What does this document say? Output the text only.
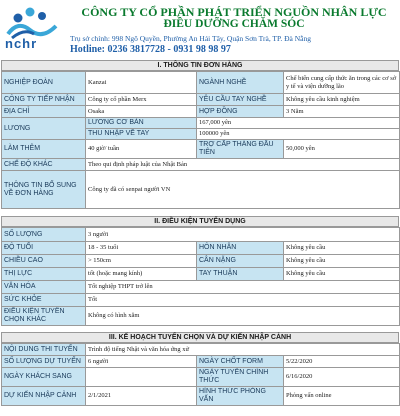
nchr
CÔNG TY CỔ PHẦN PHÁT TRIỂN NGUỒN NHÂN LỰC
ĐIỀU DƯỠNG CHĂM SÓC
Trụ sở chính: 998 Ngô Quyền, Phường An Hải Tây, Quận Sơn Trà, TP. Đà Nẵng
Hotline: 0236 3817728 - 0931 98 98 97
I. THÔNG TIN ĐƠN HÀNG
NGHIỆP ĐOÀN	Kanzai	NGÀNH NGHỀ	Chế biến cung cấp thức ăn trong các cơ sở y tế và viện dưỡng lão
CÔNG TY TIẾP NHẬN	Công ty cổ phần Merx	YÊU CẦU TAY NGHỀ	Không yêu cầu kinh nghiệm
ĐỊA CHỈ	Osaka	HỢP ĐỒNG	3 Năm
LƯƠNG	LƯƠNG CƠ BẢN	167,000 yên	
	THU NHẬP VỀ TAY	100000 yên	
LÀM THÊM	40 giờ/ tuần	TRỢ CẤP THÁNG ĐẦU TIÊN	50,000 yên
CHẾ ĐỘ KHÁC	Theo qui định pháp luật của Nhật Bản		
THÔNG TIN BỔ SUNG VỀ ĐƠN HÀNG	Công ty đã có senpai người VN		
II. ĐIỀU KIỆN TUYỂN DỤNG
SỐ LƯỢNG	3 người		
ĐỘ TUỔI	18 - 35 tuổi	HÔN NHÂN	Không yêu cầu
CHIỀU CAO	> 150cm	CÂN NẶNG	Không yêu cầu
THỊ LỰC	tốt (hoặc mang kính)	TAY THUẬN	Không yêu cầu
VĂN HÓA	Tốt nghiệp THPT trở lên		
SỨC KHỎE	Tốt		
ĐIỀU KIỆN TUYỂN CHỌN KHÁC	Không có hình xăm		
III. KẾ HOẠCH TUYỂN CHỌN VÀ DỰ KIẾN NHẬP CẢNH
NỘI DUNG THI TUYỂN	Trình độ tiếng Nhật và văn hóa ứng xử		
SỐ LƯỢNG DỰ TUYỂN	6 người	NGÀY CHỐT FORM	5/22/2020
NGÀY KHÁCH SANG		NGÀY TUYỂN CHÍNH THỨC	6/16/2020
DỰ KIẾN NHẬP CẢNH	2/1/2021	HÌNH THỨC PHỎNG VẤN	Phỏng vấn online
